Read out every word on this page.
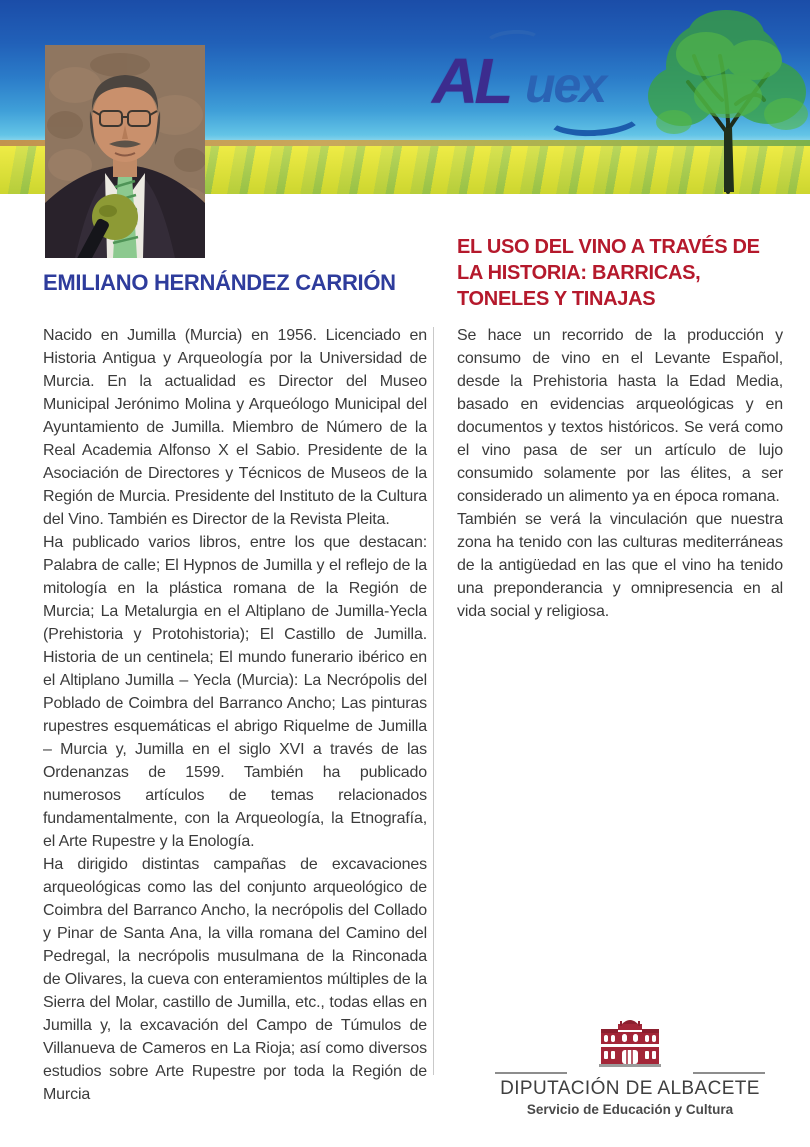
AL uex
EMILIANO HERNÁNDEZ CARRIÓN
EL USO DEL VINO A TRAVÉS DE LA HISTORIA: BARRICAS, TONELES Y TINAJAS

Nacido en Jumilla (Murcia) en 1956. Licenciado en Historia Antigua y Arqueología por la Universidad de Murcia. En la actualidad es Director del Museo Municipal Jerónimo Molina y Arqueólogo Municipal del Ayuntamiento de Jumilla. Miembro de Número de la Real Academia Alfonso X el Sabio. Presidente de la Asociación de Directores y Técnicos de Museos de la Región de Murcia. Presidente del Instituto de la Cultura del Vino. También es Director de la Revista Pleita.

Ha publicado varios libros, entre los que destacan: Palabra de calle; El Hypnos de Jumilla y el reflejo de la mitología en la plástica romana de la Región de Murcia; La Metalurgia en el Altiplano de Jumilla-Yecla (Prehistoria y Protohistoria); El Castillo de Jumilla. Historia de un centinela; El mundo funerario ibérico en el Altiplano Jumilla – Yecla (Murcia): La Necrópolis del Poblado de Coimbra del Barranco Ancho; Las pinturas rupestres esquemáticas el abrigo Riquelme de Jumilla – Murcia y, Jumilla en el siglo XVI a través de las Ordenanzas de 1599. También ha publicado numerosos artículos de temas relacionados fundamentalmente, con la Arqueología, la Etnografía, el Arte Rupestre y la Enología.

Ha dirigido distintas campañas de excavaciones arqueológicas como las del conjunto arqueológico de Coimbra del Barranco Ancho, la necrópolis del Collado y Pinar de Santa Ana, la villa romana del Camino del Pedregal, la necrópolis musulmana de la Rinconada de Olivares, la cueva con enteramientos múltiples de la Sierra del Molar, castillo de Jumilla, etc., todas ellas en Jumilla y, la excavación del Campo de Túmulos de Villanueva de Cameros en La Rioja; así como diversos estudios sobre Arte Rupestre por toda la Región de Murcia

Se hace un recorrido de la producción y consumo de vino en el Levante Español, desde la Prehistoria hasta la Edad Media, basado en evidencias arqueológicas y en documentos y textos históricos. Se verá como el vino pasa de ser un artículo de lujo consumido solamente por las élites, a ser considerado un alimento ya en época romana.

También se verá la vinculación que nuestra zona ha tenido con las culturas mediterráneas de la antigüedad en las que el vino ha tenido una preponderancia y omnipresencia en al vida social y religiosa.

DIPUTACIÓN DE ALBACETE
Servicio de Educación y Cultura
